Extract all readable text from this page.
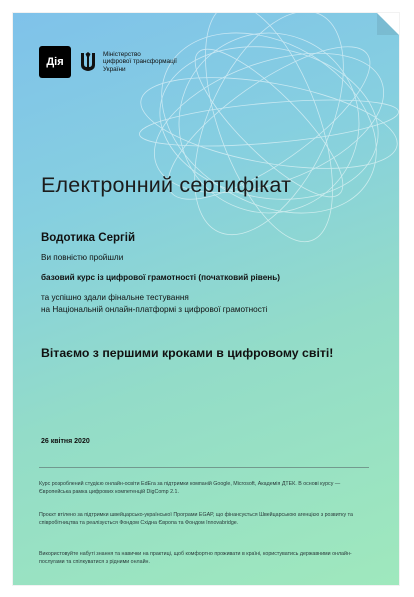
Дія
Міністерство
цифрової трансформації
України
Електронний сертифікат
Водотика Сергій
Ви повністю пройшли
базовий курс із цифрової грамотності (початковий рівень)
та успішно здали фінальне тестування
на Національній онлайн-платформі з цифрової грамотності
Вітаємо з першими кроками в цифровому світі!
26 квітня 2020
Курс розроблений студією онлайн-освіти EdEra за підтримки компаній Google, Microsoft, Академія ДТЕК. В основі курсу — Європейська рамка цифрових компетенцій DigComp 2.1.
Проєкт втілено за підтримки швейцарсько-української Програми EGAP, що фінансується Швейцарською агенцією з розвитку та співробітництва та реалізується Фондом Східна Європа та Фондом Innovabridge.
Використовуйте набуті знання та навички на практиці, щоб комфортно проживати в країні, користуватись державними онлайн-послугами та спілкуватися з рідними онлайн.
